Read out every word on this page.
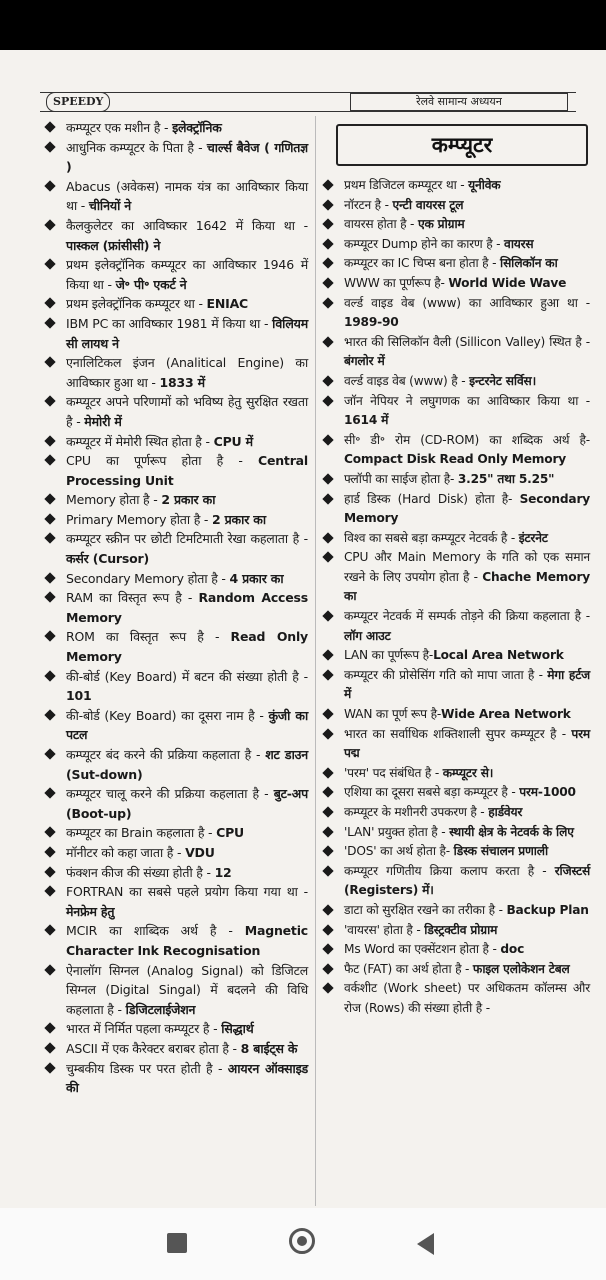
SPEEDY	रेलवे सामान्य अध्ययन
कम्प्यूटर एक मशीन है - इलेक्ट्रॉनिक
आधुनिक कम्प्यूटर के पिता है - चार्ल्स बैवेज ( गणितज्ञ )
Abacus (अवेकस) नामक यंत्र का आविष्कार किया था - चीनियों ने
कैलकुलेटर का आविष्कार 1642 में किया था - पास्कल (फ्रांसीसी) ने
प्रथम इलेक्ट्रॉनिक कम्प्यूटर का आविष्कार 1946 में किया था - जे॰ पी॰ एकर्ट ने
प्रथम इलेक्ट्रॉनिक कम्प्यूटर था - ENIAC
IBM PC का आविष्कार 1981 में किया था - विलियम सी लायथ ने
एनालिटिकल इंजन (Analitical Engine) का आविष्कार हुआ था - 1833 में
कम्प्यूटर अपने परिणामों को भविष्य हेतु सुरक्षित रखता है - मेमोरी में
कम्प्यूटर में मेमोरी स्थित होता है - CPU में
CPU का पूर्णरूप होता है - Central Processing Unit
Memory होता है - 2 प्रकार का
Primary Memory होता है - 2 प्रकार का
कम्प्यूटर स्क्रीन पर छोटी टिमटिमाती रेखा कहलाता है - कर्सर (Cursor)
Secondary Memory होता है - 4 प्रकार का
RAM का विस्तृत रूप है - Random Access Memory
ROM का विस्तृत रूप है - Read Only Memory
की-बोर्ड (Key Board) में बटन की संख्या होती है - 101
की-बोर्ड (Key Board) का दूसरा नाम है - कुंजी का पटल
कम्प्यूटर बंद करने की प्रक्रिया कहलाता है - शट डाउन (Sut-down)
कम्प्यूटर चालू करने की प्रक्रिया कहलाता है - बुट-अप (Boot-up)
कम्प्यूटर का Brain कहलाता है - CPU
मॉनीटर को कहा जाता है - VDU
फंक्शन कीज की संख्या होती है - 12
FORTRAN का सबसे पहले प्रयोग किया गया था - मेनफ्रेम हेतु
MCIR का शाब्दिक अर्थ है - Magnetic Character Ink Recognisation
ऐनालॉग सिग्नल (Analog Signal) को डिजिटल सिग्नल (Digital Singal) में बदलने की विधि कहलाता है - डिजिटलाईजेशन
भारत में निर्मित पहला कम्प्यूटर है - सिद्धार्थ
ASCII में एक कैरेक्टर बराबर होता है - 8 बाईट्स के
चुम्बकीय डिस्क पर परत होती है - आयरन ऑक्साइड की
कम्प्यूटर
प्रथम डिजिटल कम्प्यूटर था - यूनीवेक
नॉरटन है - एन्टी वायरस टूल
वायरस होता है - एक प्रोग्राम
कम्प्यूटर Dump होने का कारण है - वायरस
कम्प्यूटर का IC चिप्स बना होता है - सिलिकॉन का
WWW का पूर्णरूप है- World Wide Wave
वर्ल्ड वाइड वेब (www) का आविष्कार हुआ था - 1989-90
भारत की सिलिकॉन वैली (Sillicon Valley) स्थित है - बंगलोर में
वर्ल्ड वाइड वेब (www) है - इन्टरनेट सर्विस।
जॉन नेपियर ने लघुगणक का आविष्कार किया था - 1614 में
सी॰ डी॰ रोम (CD-ROM) का शब्दिक अर्थ है- Compact Disk Read Only Memory
फ्लॉपी का साईज होता है- 3.25" तथा 5.25"
हार्ड डिस्क (Hard Disk) होता है- Secondary Memory
विश्व का सबसे बड़ा कम्प्यूटर नेटवर्क है - इंटरनेट
CPU और Main Memory के गति को एक समान रखने के लिए उपयोग होता है - Chache Memory का
कम्प्यूटर नेटवर्क में सम्पर्क तोड़ने की क्रिया कहलाता है - लॉग आउट
LAN का पूर्णरूप है-Local Area Network
कम्प्यूटर की प्रोसेसिंग गति को मापा जाता है - मेगा हर्टज में
WAN का पूर्ण रूप है-Wide Area Network
भारत का सर्वाधिक शक्तिशाली सुपर कम्प्यूटर है - परम पद्म
'परम' पद संबंधित है - कम्प्यूटर से।
एशिया का दूसरा सबसे बड़ा कम्प्यूटर है - परम-1000
कम्प्यूटर के मशीनरी उपकरण है - हार्डवेयर
'LAN' प्रयुक्त होता है - स्थायी क्षेत्र के नेटवर्क के लिए
'DOS' का अर्थ होता है- डिस्क संचालन प्रणाली
कम्प्यूटर गणितीय क्रिया कलाप करता है - रजिस्टर्स (Registers) में।
डाटा को सुरक्षित रखने का तरीका है - Backup Plan
'वायरस' होता है - डिस्ट्रक्टीव प्रोग्राम
Ms Word का एक्सेंटशन होता है - doc
फैट (FAT) का अर्थ होता है - फाइल एलोकेशन टेबल
वर्कशीट (Work sheet) पर अधिकतम कॉलम्स और रोज (Rows) की संख्या होती है -
